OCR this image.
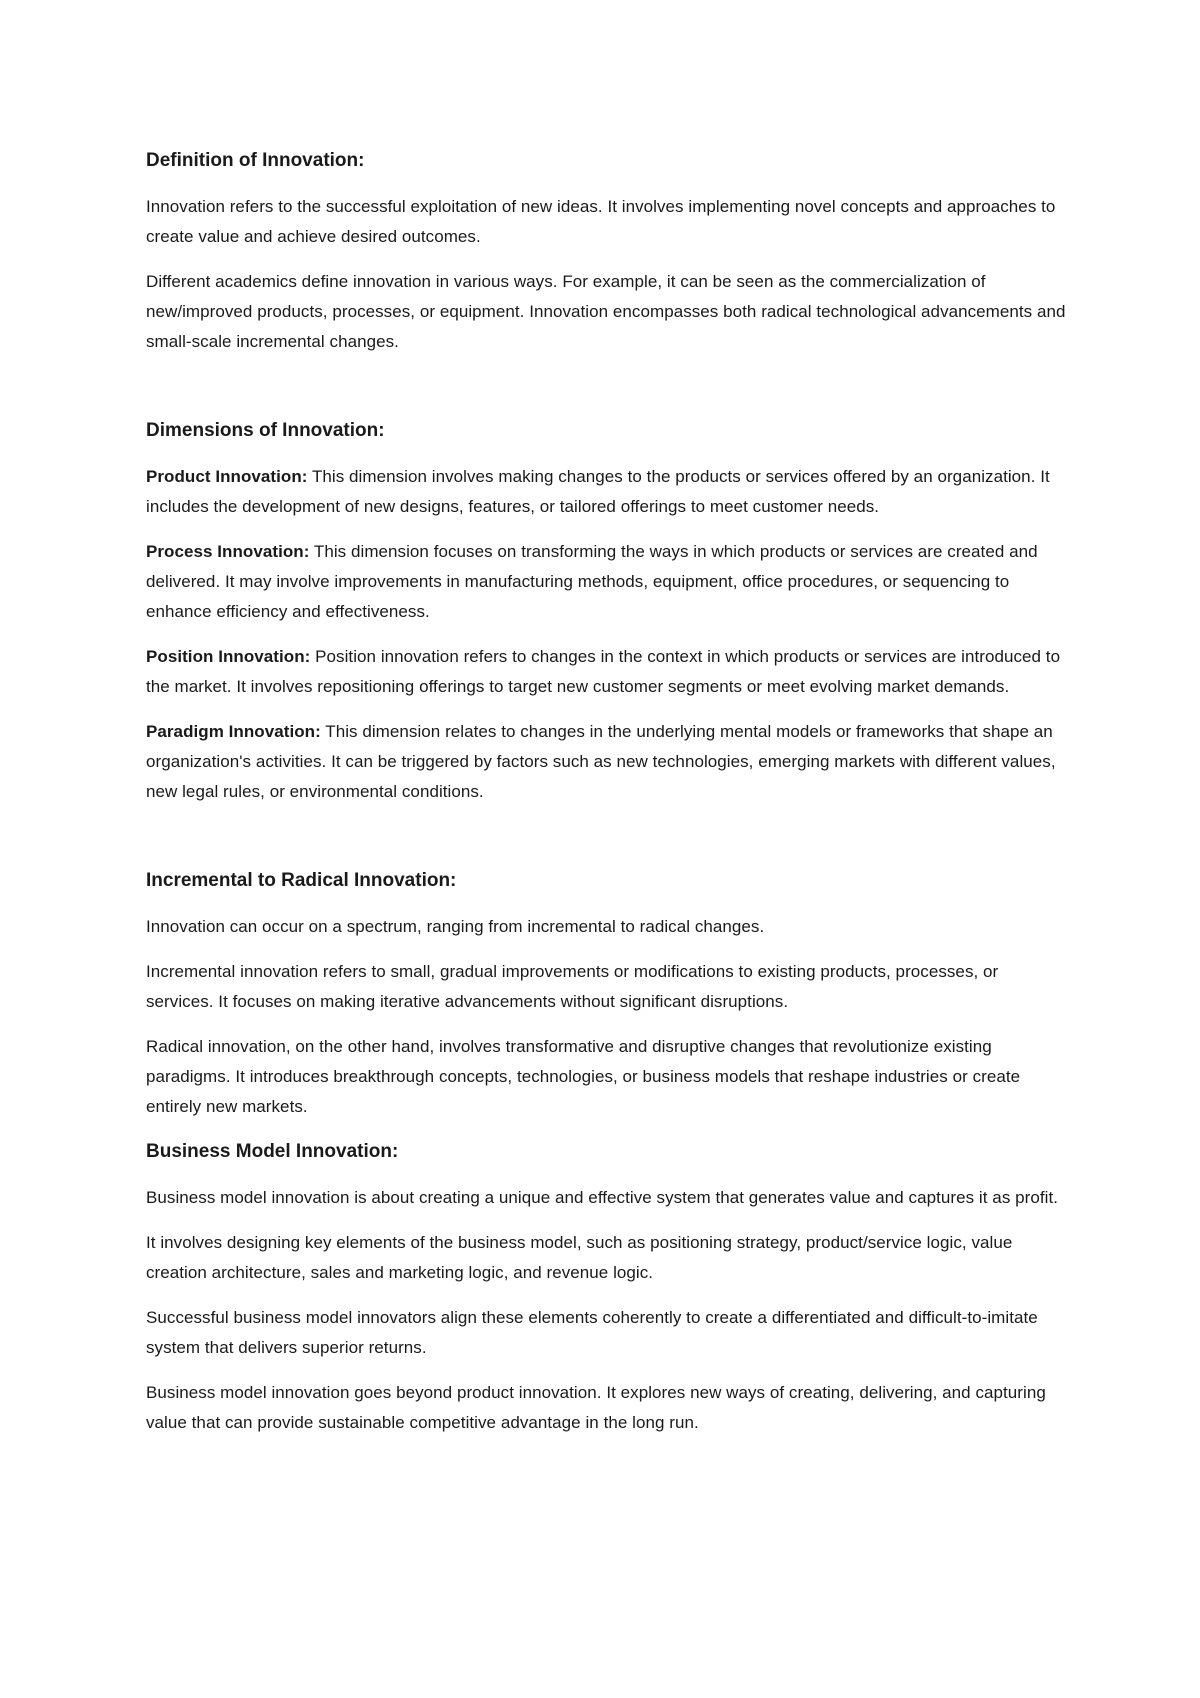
Definition of Innovation:

Innovation refers to the successful exploitation of new ideas. It involves implementing novel concepts and approaches to create value and achieve desired outcomes.

Different academics define innovation in various ways. For example, it can be seen as the commercialization of new/improved products, processes, or equipment. Innovation encompasses both radical technological advancements and small-scale incremental changes.

Dimensions of Innovation:

Product Innovation: This dimension involves making changes to the products or services offered by an organization. It includes the development of new designs, features, or tailored offerings to meet customer needs.

Process Innovation: This dimension focuses on transforming the ways in which products or services are created and delivered. It may involve improvements in manufacturing methods, equipment, office procedures, or sequencing to enhance efficiency and effectiveness.

Position Innovation: Position innovation refers to changes in the context in which products or services are introduced to the market. It involves repositioning offerings to target new customer segments or meet evolving market demands.

Paradigm Innovation: This dimension relates to changes in the underlying mental models or frameworks that shape an organization's activities. It can be triggered by factors such as new technologies, emerging markets with different values, new legal rules, or environmental conditions.

Incremental to Radical Innovation:

Innovation can occur on a spectrum, ranging from incremental to radical changes.

Incremental innovation refers to small, gradual improvements or modifications to existing products, processes, or services. It focuses on making iterative advancements without significant disruptions.

Radical innovation, on the other hand, involves transformative and disruptive changes that revolutionize existing paradigms. It introduces breakthrough concepts, technologies, or business models that reshape industries or create entirely new markets.

Business Model Innovation:

Business model innovation is about creating a unique and effective system that generates value and captures it as profit.

It involves designing key elements of the business model, such as positioning strategy, product/service logic, value creation architecture, sales and marketing logic, and revenue logic.

Successful business model innovators align these elements coherently to create a differentiated and difficult-to-imitate system that delivers superior returns.

Business model innovation goes beyond product innovation. It explores new ways of creating, delivering, and capturing value that can provide sustainable competitive advantage in the long run.
